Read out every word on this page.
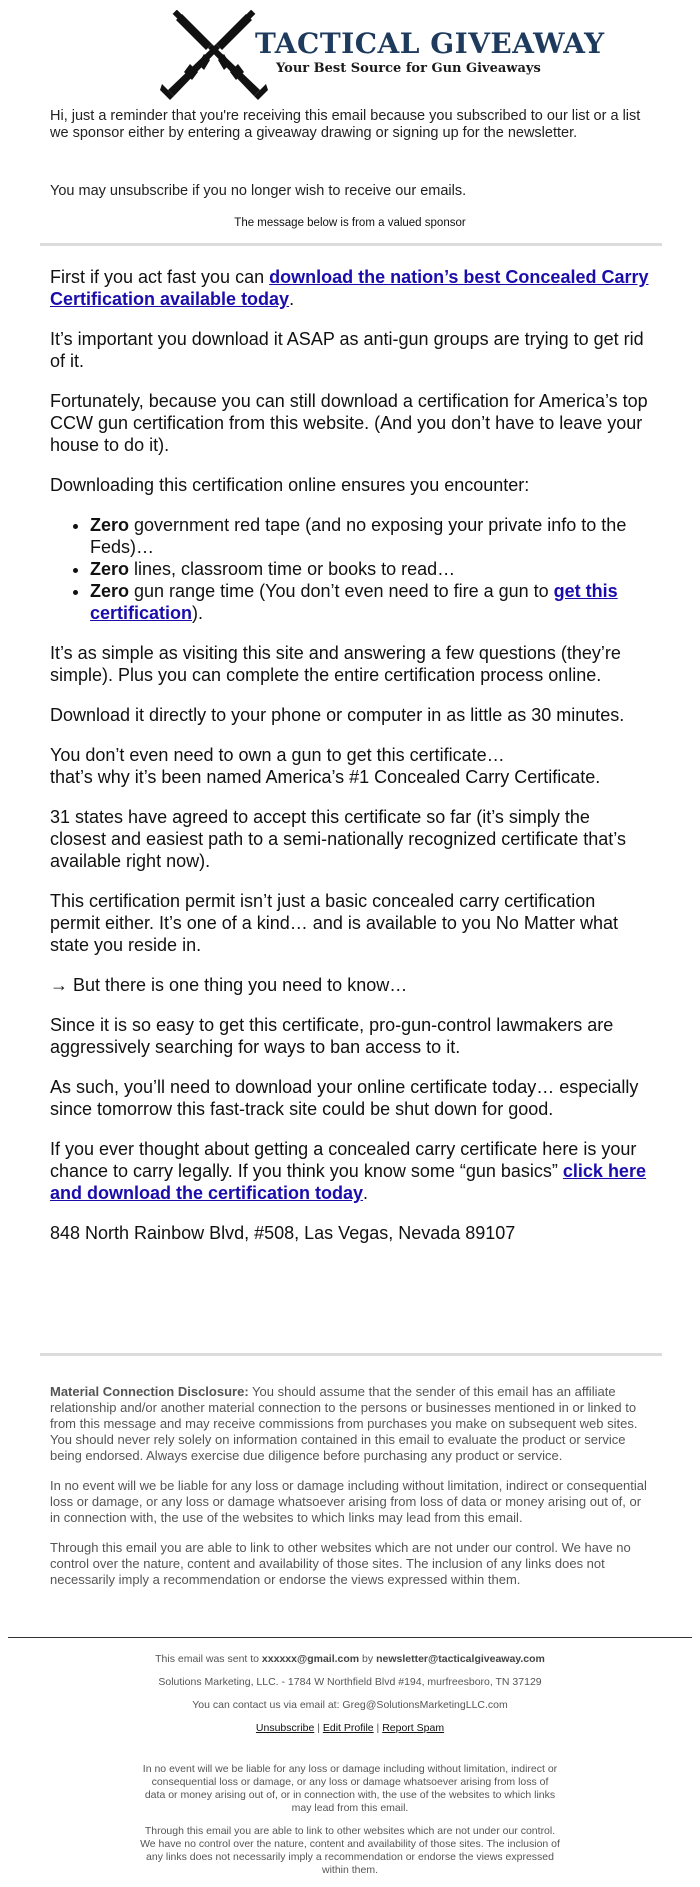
TACTICAL GIVEAWAY
Your Best Source for Gun Giveaways

Hi, just a reminder that you're receiving this email because you subscribed to our list or a list we sponsor either by entering a giveaway drawing or signing up for the newsletter.

You may unsubscribe if you no longer wish to receive our emails.
The message below is from a valued sponsor

First if you act fast you can download the nation’s best Concealed Carry Certification available today.

It’s important you download it ASAP as anti-gun groups are trying to get rid of it.

Fortunately, because you can still download a certification for America’s top CCW gun certification from this website. (And you don’t have to leave your house to do it).

Downloading this certification online ensures you encounter:

• Zero government red tape (and no exposing your private info to the Feds)…
• Zero lines, classroom time or books to read…
• Zero gun range time (You don’t even need to fire a gun to get this certification).

It’s as simple as visiting this site and answering a few questions (they’re simple). Plus you can complete the entire certification process online.

Download it directly to your phone or computer in as little as 30 minutes.

You don’t even need to own a gun to get this certificate…
that’s why it’s been named America’s #1 Concealed Carry Certificate.

31 states have agreed to accept this certificate so far (it’s simply the closest and easiest path to a semi-nationally recognized certificate that’s available right now).

This certification permit isn’t just a basic concealed carry certification permit either. It’s one of a kind… and is available to you No Matter what state you reside in.

→ But there is one thing you need to know…

Since it is so easy to get this certificate, pro-gun-control lawmakers are aggressively searching for ways to ban access to it.

As such, you’ll need to download your online certificate today… especially since tomorrow this fast-track site could be shut down for good.

If you ever thought about getting a concealed carry certificate here is your chance to carry legally. If you think you know some “gun basics” click here and download the certification today.

848 North Rainbow Blvd, #508, Las Vegas, Nevada 89107

Material Connection Disclosure: You should assume that the sender of this email has an affiliate relationship and/or another material connection to the persons or businesses mentioned in or linked to from this message and may receive commissions from purchases you make on subsequent web sites. You should never rely solely on information contained in this email to evaluate the product or service being endorsed. Always exercise due diligence before purchasing any product or service.

In no event will we be liable for any loss or damage including without limitation, indirect or consequential loss or damage, or any loss or damage whatsoever arising from loss of data or money arising out of, or in connection with, the use of the websites to which links may lead from this email.

Through this email you are able to link to other websites which are not under our control. We have no control over the nature, content and availability of those sites. The inclusion of any links does not necessarily imply a recommendation or endorse the views expressed within them.

This email was sent to xxxxxx@gmail.com by newsletter@tacticalgiveaway.com
Solutions Marketing, LLC. - 1784 W Northfield Blvd #194, murfreesboro, TN 37129
You can contact us via email at: Greg@SolutionsMarketingLLC.com
Unsubscribe | Edit Profile | Report Spam

In no event will we be liable for any loss or damage including without limitation, indirect or consequential loss or damage, or any loss or damage whatsoever arising from loss of data or money arising out of, or in connection with, the use of the websites to which links may lead from this email.

Through this email you are able to link to other websites which are not under our control. We have no control over the nature, content and availability of those sites. The inclusion of any links does not necessarily imply a recommendation or endorse the views expressed within them.
